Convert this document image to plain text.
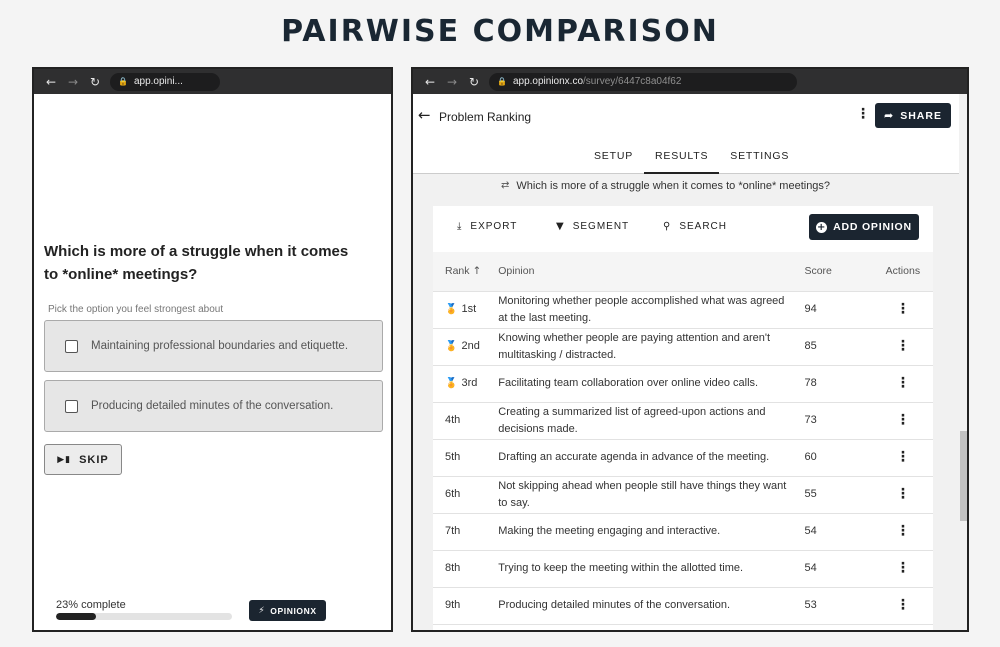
PAIRWISE COMPARISON
← → ↻	🔒 app.opini...
Which is more of a struggle when it comes to *online* meetings?
Pick the option you feel strongest about
Maintaining professional boundaries and etiquette.
Producing detailed minutes of the conversation.
▶▮ SKIP
23% complete	⚡ OPINIONX
← → ↻	🔒 app.opinionx.co /survey/6447c8a04f62
← Problem Ranking	⋮ ➦ SHARE
SETUP	RESULTS	SETTINGS
⇄ Which is more of a struggle when it comes to *online* meetings?
⤓ EXPORT	▼ SEGMENT	⚲ SEARCH	+ ADD OPINION
Rank ↑	Opinion	Score	Actions
🏅 1st	Monitoring whether people accomplished what was agreed at the last meeting.	94	⋮
🏅 2nd	Knowing whether people are paying attention and aren't multitasking / distracted.	85	⋮
🏅 3rd	Facilitating team collaboration over online video calls.	78	⋮
4th	Creating a summarized list of agreed-upon actions and decisions made.	73	⋮
5th	Drafting an accurate agenda in advance of the meeting.	60	⋮
6th	Not skipping ahead when people still have things they want to say.	55	⋮
7th	Making the meeting engaging and interactive.	54	⋮
8th	Trying to keep the meeting within the allotted time.	54	⋮
9th	Producing detailed minutes of the conversation.	53	⋮
